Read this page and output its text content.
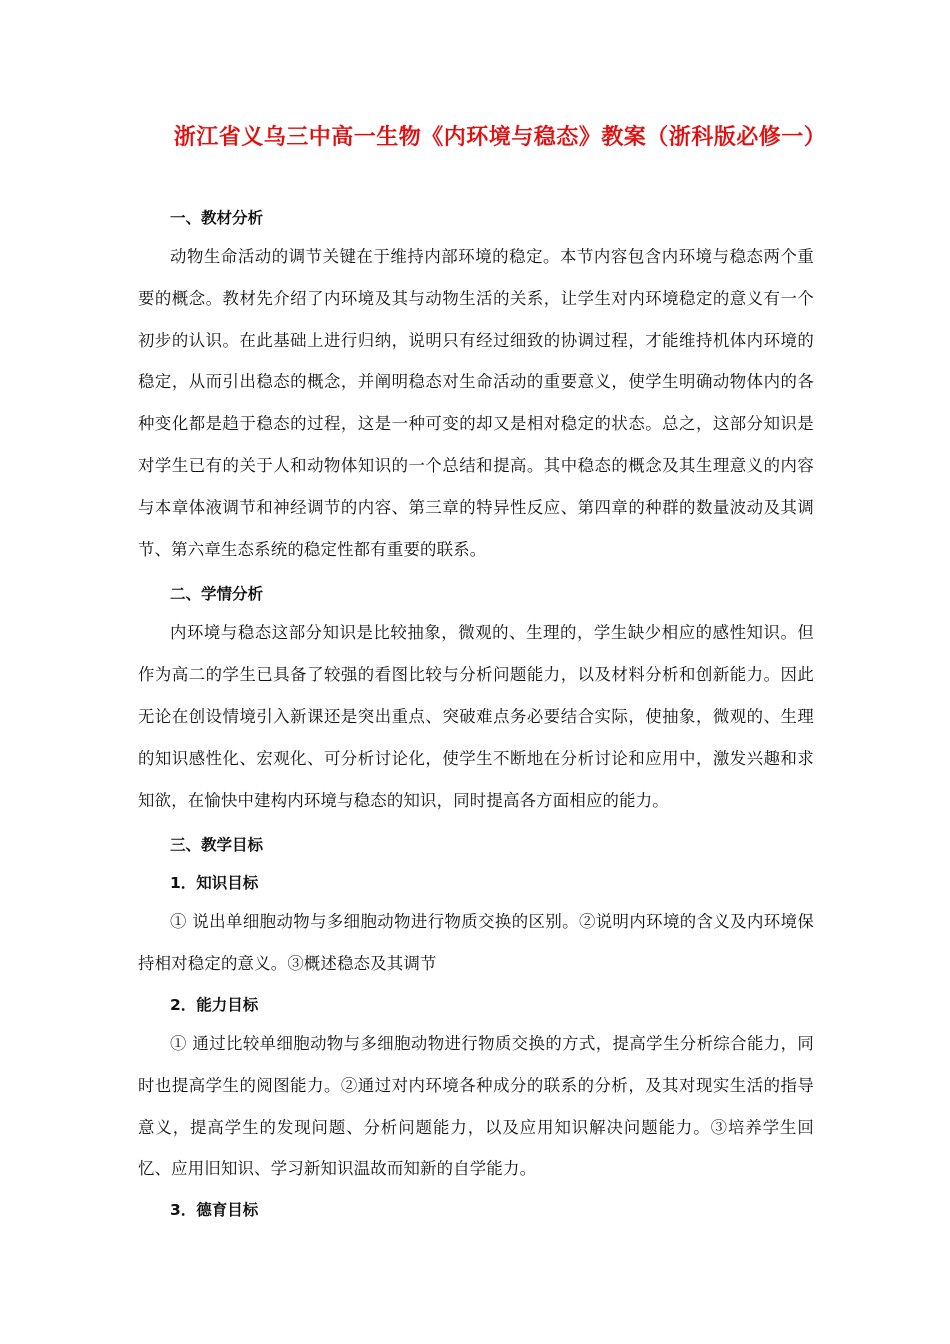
浙江省义乌三中高一生物《内环境与稳态》教案（浙科版必修一）
一、教材分析

动物生命活动的调节关键在于维持内部环境的稳定。本节内容包含内环境与稳态两个重要的概念。教材先介绍了内环境及其与动物生活的关系，让学生对内环境稳定的意义有一个初步的认识。在此基础上进行归纳，说明只有经过细致的协调过程，才能维持机体内环境的稳定，从而引出稳态的概念，并阐明稳态对生命活动的重要意义，使学生明确动物体内的各种变化都是趋于稳态的过程，这是一种可变的却又是相对稳定的状态。总之，这部分知识是对学生已有的关于人和动物体知识的一个总结和提高。其中稳态的概念及其生理意义的内容与本章体液调节和神经调节的内容、第三章的特异性反应、第四章的种群的数量波动及其调节、第六章生态系统的稳定性都有重要的联系。

二、学情分析

内环境与稳态这部分知识是比较抽象，微观的、生理的，学生缺少相应的感性知识。但作为高二的学生已具备了较强的看图比较与分析问题能力，以及材料分析和创新能力。因此无论在创设情境引入新课还是突出重点、突破难点务必要结合实际，使抽象，微观的、生理的知识感性化、宏观化、可分析讨论化，使学生不断地在分析讨论和应用中，激发兴趣和求知欲，在愉快中建构内环境与稳态的知识，同时提高各方面相应的能力。

三、教学目标
1．知识目标

① 说出单细胞动物与多细胞动物进行物质交换的区别。②说明内环境的含义及内环境保持相对稳定的意义。③概述稳态及其调节

2．能力目标

① 通过比较单细胞动物与多细胞动物进行物质交换的方式，提高学生分析综合能力，同时也提高学生的阅图能力。②通过对内环境各种成分的联系的分析，及其对现实生活的指导意义，提高学生的发现问题、分析问题能力，以及应用知识解决问题能力。③培养学生回忆、应用旧知识、学习新知识温故而知新的自学能力。

3．德育目标
